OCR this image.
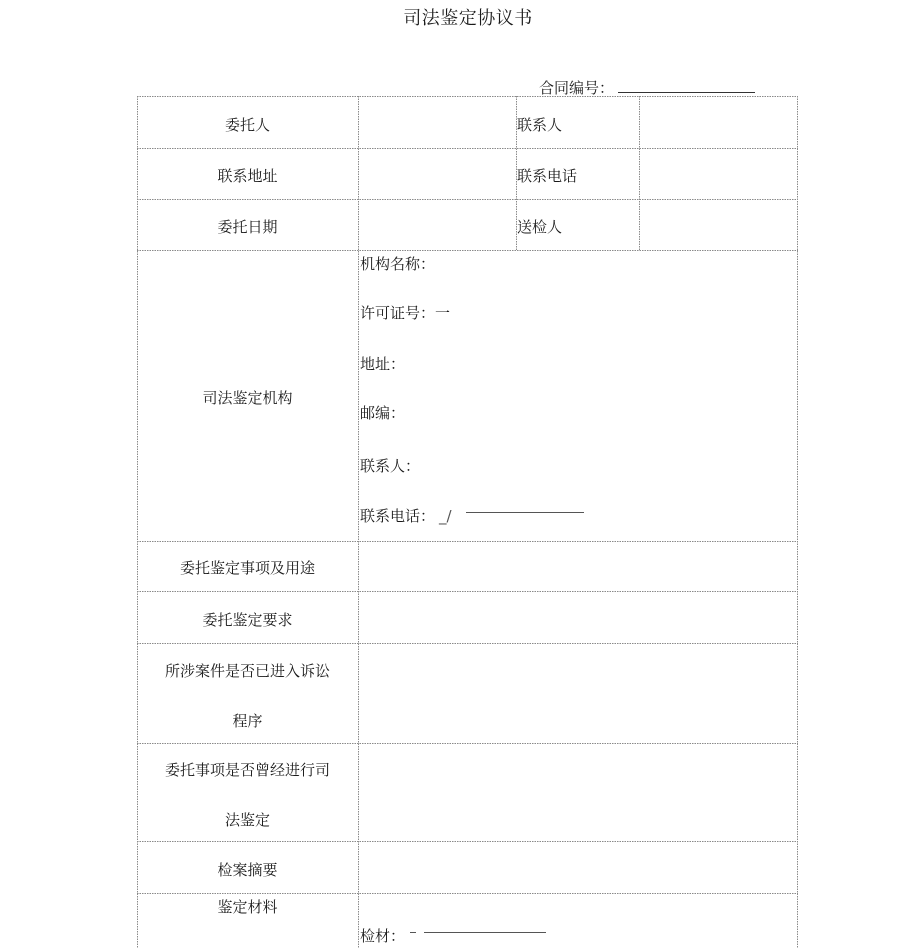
司法鉴定协议书
合同编号：
委托人	联系人
联系地址	联系电话
委托日期	送检人
司法鉴定机构
机构名称：
许可证号：一
地址：
邮编：
联系人：
联系电话： _/
委托鉴定事项及用途
委托鉴定要求
所涉案件是否已进入诉讼
程序
委托事项是否曾经进行司
法鉴定
检案摘要
鉴定材料
检材：
